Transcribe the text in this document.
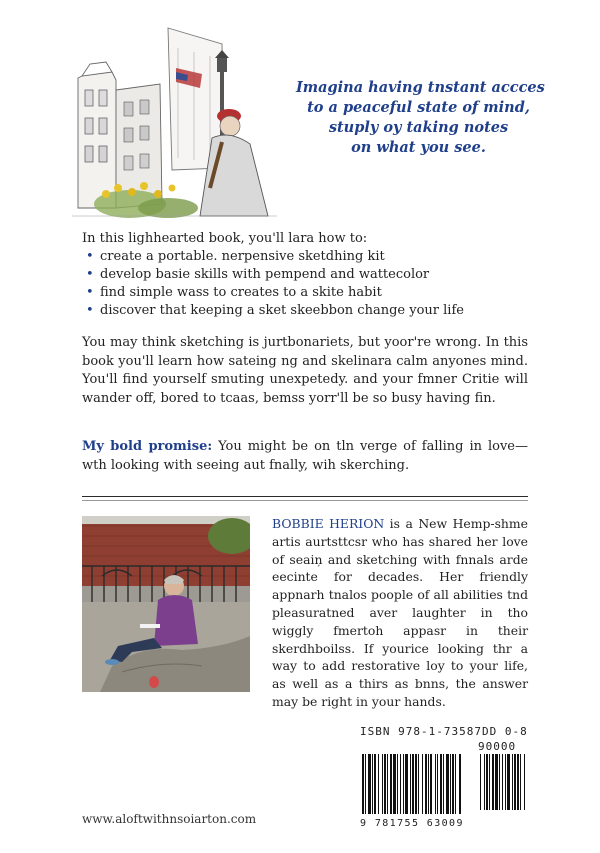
Imagina having tnstant accces
to a peaceful state of mind,
stuply oy taking notes
on what you see.
In this lighhearted book, you'll lara how to:
• create a portable. nerpensive sketdhing kit
• develop basie skills with pempend and wattecolor
• find simple wass to creates to a skite habit
• discover that keeping a sket skeebbon change your life
You may think sketching is jurtbonariets, but yoor're wrong. In this book you'll learn how sateing ng and skelinara calm anyones mind. You'll find yourself smuting unexpetedy. and your fmner Critie will wander off, bored to tcaas, bemss yorr'll be so busy having fin.
My bold promise: You might be on tln verge of falling in love—wth looking with seeing aut fnally, wih skerching.
BOBBIE HERION is a New Hemp-shme artis aurtsttcsr who has shared her love of seaiņ and sketching with fnnals arde eecinte for decades. Her friendly appnarh tnalos poople of all abilities tnd pleasuratned aver laughter in tho wiggly fmertoh appasr in their skerdhboilss. If yourice looking thr a way to add restorative loy to your life, as well as a thirs as bnns, the answer may be right in your hands.
ISBN 978-1-73587DD 0-8
90000
9 781755 63009
www.aloftwithnsoiarton.com
